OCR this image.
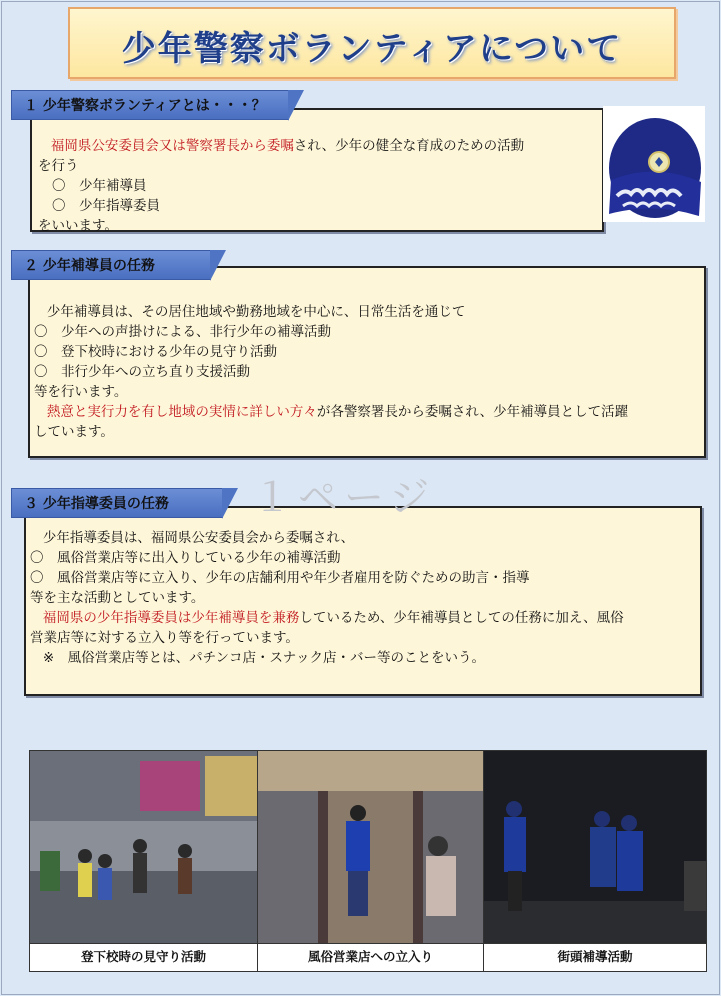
少年警察ボランティアについて
１ 少年警察ボランティアとは・・・？

福岡県公安委員会又は警察署長から委嘱され、少年の健全な育成のための活動

を行う

〇　少年補導員

〇　少年指導委員

をいいます。

２ 少年補導員の任務

少年補導員は、その居住地域や勤務地域を中心に、日常生活を通じて

〇　少年への声掛けによる、非行少年の補導活動

〇　登下校時における少年の見守り活動

〇　非行少年への立ち直り支援活動

等を行います。

熱意と実行力を有し地域の実情に詳しい方々が各警察署長から委嘱され、少年補導員として活躍

しています。

１ページ
３ 少年指導委員の任務

少年指導委員は、福岡県公安委員会から委嘱され、

〇　風俗営業店等に出入りしている少年の補導活動

〇　風俗営業店等に立入り、少年の店舗利用や年少者雇用を防ぐための助言・指導

等を主な活動としています。

福岡県の少年指導委員は少年補導員を兼務しているため、少年補導員としての任務に加え、風俗

営業店等に対する立入り等を行っています。

※　風俗営業店等とは、パチンコ店・スナック店・バー等のことをいう。

登下校時の見守り活動	風俗営業店への立入り	街頭補導活動
